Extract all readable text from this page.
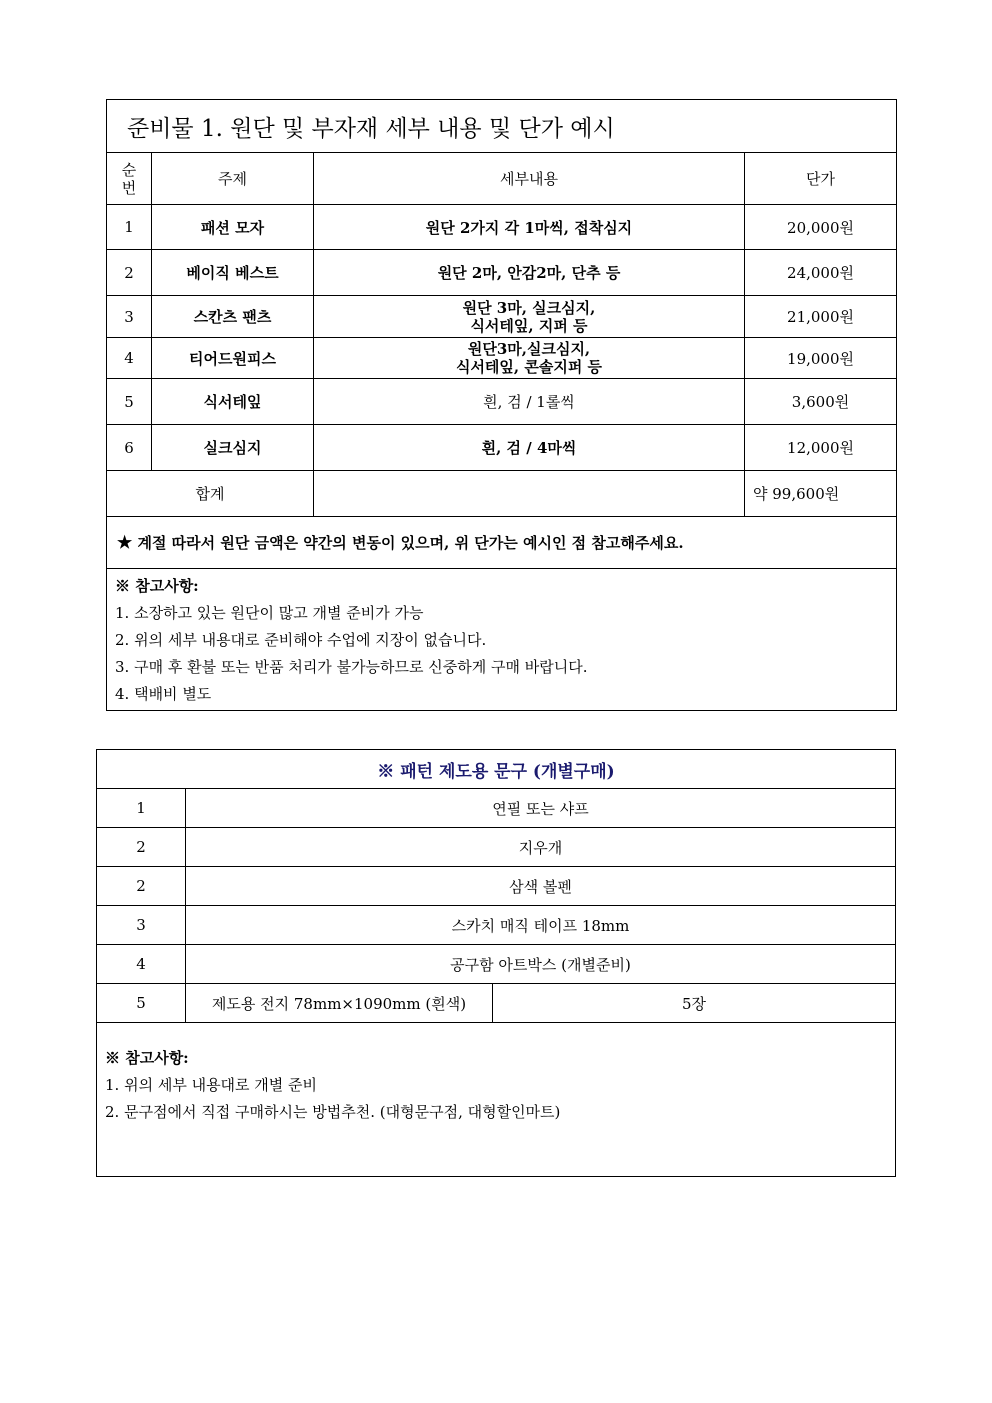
준비물 1. 원단 및 부자재 세부 내용 및 단가 예시			

순
번	주제	세부내용	단가
1	패션 모자	원단 2가지 각 1마씩, 접착심지	20,000원
2	베이직 베스트	원단 2마, 안감2마, 단추 등	24,000원
3	스칸츠 팬츠	원단 3마, 실크심지,
식서테잎, 지퍼 등	21,000원
4	티어드원피스	원단3마,실크심지,
식서테잎, 콘솔지퍼 등	19,000원
5	식서테잎	흰, 검 / 1롤씩	3,600원
6	실크심지	흰, 검 / 4마씩	12,000원
합계			약 99,600원
★ 계절 따라서 원단 금액은 약간의 변동이 있으며, 위 단가는 예시인 점 참고해주세요.			

※ 참고사항:
1. 소장하고 있는 원단이 많고 개별 준비가 가능
2. 위의 세부 내용대로 준비해야 수업에 지장이 없습니다.
3. 구매 후 환불 또는 반품 처리가 불가능하므로 신중하게 구매 바랍니다.
4. 택배비 별도			
※ 패턴 제도용 문구 (개별구매)		
1	연필 또는 샤프	
2	지우개	
2	삼색 볼펜	
3	스카치 매직 테이프 18mm	
4	공구함 아트박스 (개별준비)	
5	제도용 전지 78mm×1090mm (흰색)	5장

※ 참고사항:
1. 위의 세부 내용대로 개별 준비
2. 문구점에서 직접 구매하시는 방법추천. (대형문구점, 대형할인마트)		
